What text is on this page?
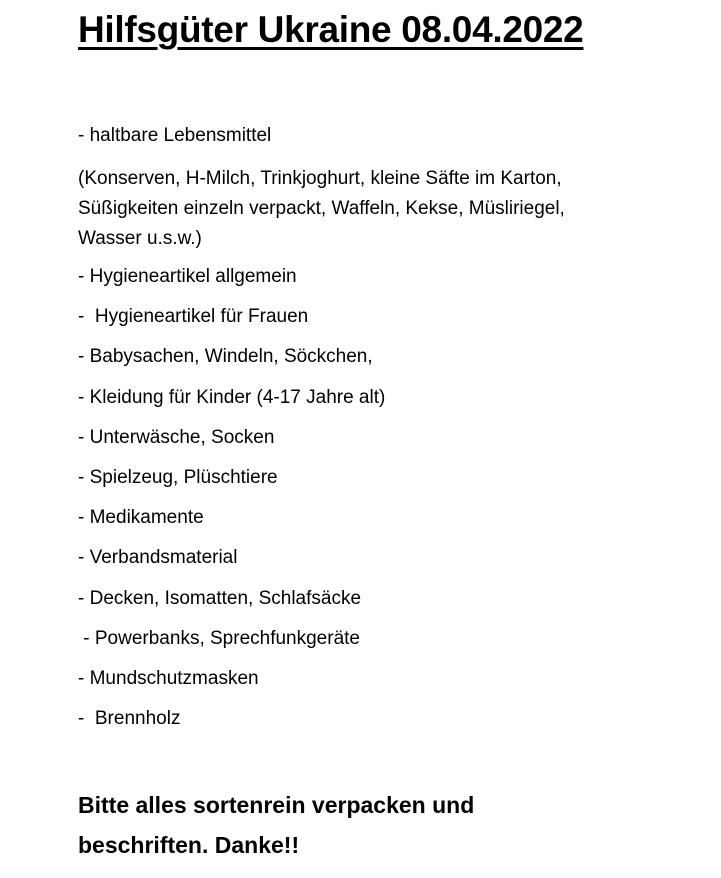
Hilfsgüter Ukraine 08.04.2022

- haltbare Lebensmittel

(Konserven, H-Milch, Trinkjoghurt, kleine Säfte im Karton,
Süßigkeiten einzeln verpackt, Waffeln, Kekse, Müsliriegel,
Wasser u.s.w.)

- Hygieneartikel allgemein

-  Hygieneartikel für Frauen

- Babysachen, Windeln, Söckchen,

- Kleidung für Kinder (4-17 Jahre alt)

- Unterwäsche, Socken

- Spielzeug, Plüschtiere

- Medikamente

- Verbandsmaterial

- Decken, Isomatten, Schlafsäcke

- Powerbanks, Sprechfunkgeräte

- Mundschutzmasken

-  Brennholz

Bitte alles sortenrein verpacken und

beschriften. Danke!!
